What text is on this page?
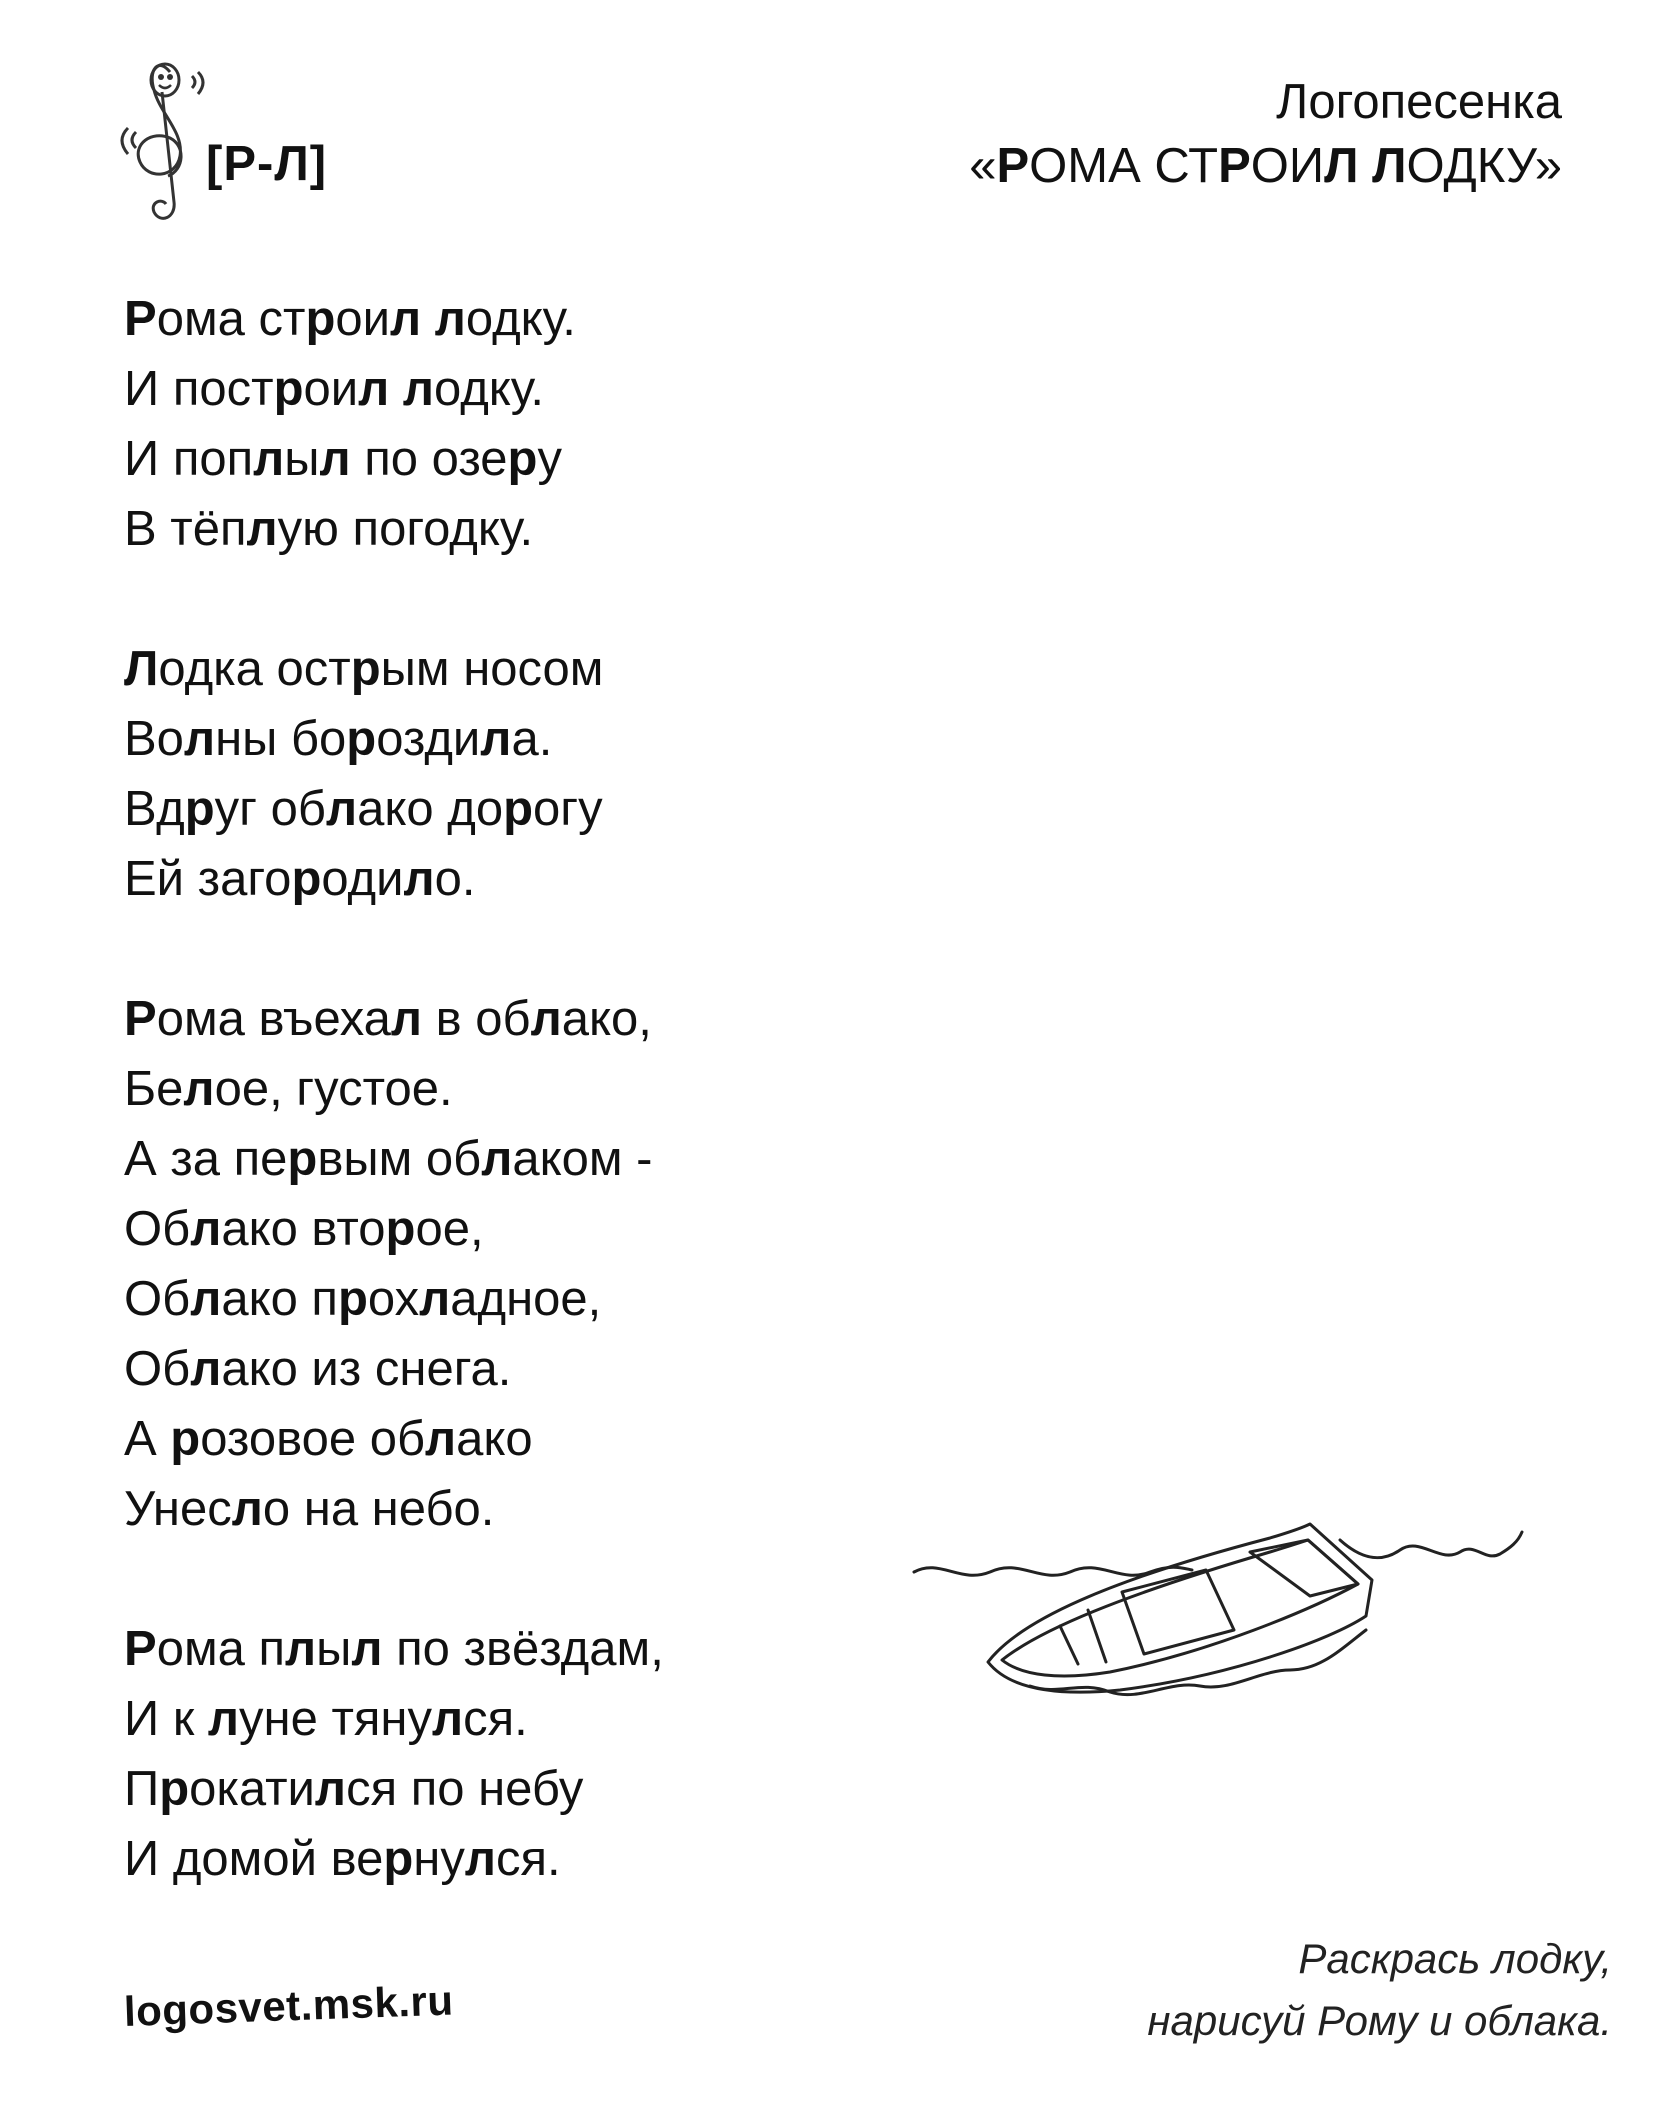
[Р-Л]
Логопесенка
«РОМА СТРОИЛ ЛОДКУ»
Рома строил лодку.
И построил лодку.
И поплыл по озеру
В тёплую погодку.
Лодка острым носом
Волны бороздила.
Вдруг облако дорогу
Ей загородило.
Рома въехал в облако,
Белое, густое.
А за первым облаком -
Облако второе,
Облако прохладное,
Облако из снега.
А розовое облако
Унесло на небо.
Рома плыл по звёздам,
И к луне тянулся.
Прокатился по небу
И домой вернулся.
logosvet.msk.ru
Раскрась лодку,
нарисуй Рому и облака.
